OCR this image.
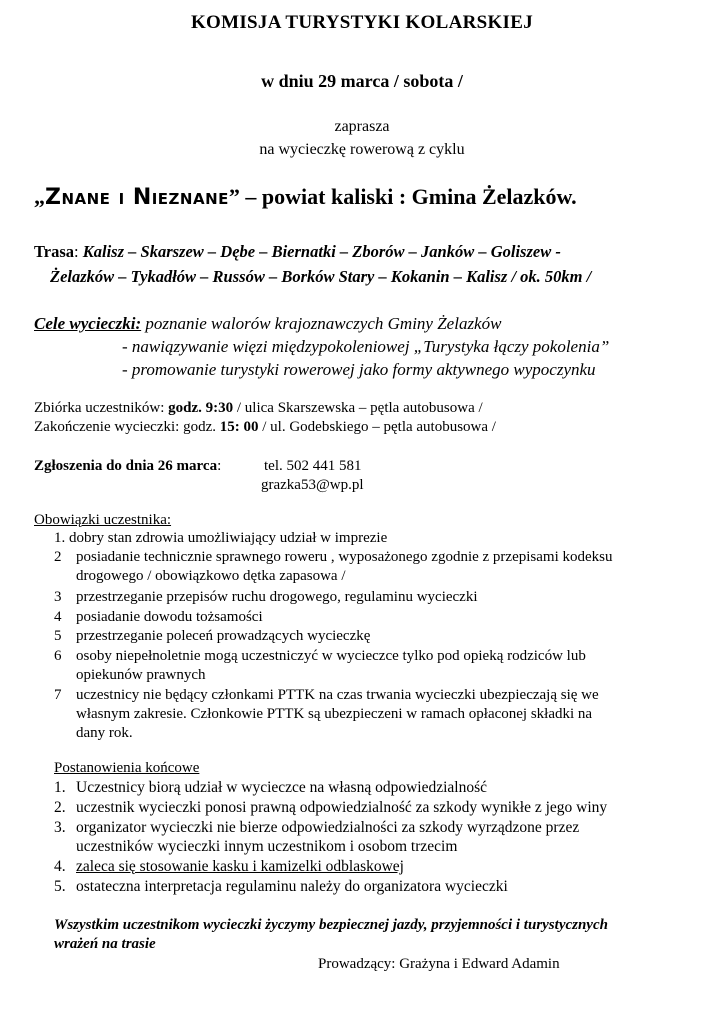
KOMISJA TURYSTYKI KOLARSKIEJ
w dniu 29 marca / sobota /
zaprasza
na wycieczkę rowerową z cyklu
„Znane i Nieznane” – powiat kaliski : Gmina Żelazków.
Trasa: Kalisz – Skarszew – Dębe – Biernatki – Zborów – Janków – Goliszew -
Żelazków – Tykadłów – Russów – Borków Stary – Kokanin – Kalisz / ok. 50km /
Cele wycieczki: poznanie walorów krajoznawczych Gminy Żelazków
- nawiązywanie więzi międzypokoleniowej „Turystyka łączy pokolenia”
- promowanie turystyki rowerowej jako formy aktywnego wypoczynku
Zbiórka uczestników: godz. 9:30 / ulica Skarszewska – pętla autobusowa /
Zakończenie wycieczki: godz. 15: 00 / ul. Godebskiego – pętla autobusowa /
Zgłoszenia do dnia 26 marca:	tel. 502 441 581
grazka53@wp.pl
Obowiązki uczestnika:
1. dobry stan zdrowia umożliwiający udział w imprezie
2 posiadanie technicznie sprawnego roweru , wyposażonego zgodnie z przepisami kodeksu
drogowego / obowiązkowo dętka zapasowa /
3 przestrzeganie przepisów ruchu drogowego, regulaminu wycieczki
4 posiadanie dowodu tożsamości
5 przestrzeganie poleceń prowadzących wycieczkę
6 osoby niepełnoletnie mogą uczestniczyć w wycieczce tylko pod opieką rodziców lub
opiekunów prawnych
7 uczestnicy nie będący członkami PTTK na czas trwania wycieczki ubezpieczają się we
własnym zakresie. Członkowie PTTK są ubezpieczeni w ramach opłaconej składki na
dany rok.
Postanowienia końcowe
1. Uczestnicy biorą udział w wycieczce na własną odpowiedzialność
2. uczestnik wycieczki ponosi prawną odpowiedzialność za szkody wynikłe z jego winy
3. organizator wycieczki nie bierze odpowiedzialności za szkody wyrządzone przez
uczestników wycieczki innym uczestnikom i osobom trzecim
4. zaleca się stosowanie kasku i kamizelki odblaskowej
5. ostateczna interpretacja regulaminu należy do organizatora wycieczki
Wszystkim uczestnikom wycieczki życzymy bezpiecznej jazdy, przyjemności i turystycznych
wrażeń na trasie
Prowadzący: Grażyna i Edward Adamin
